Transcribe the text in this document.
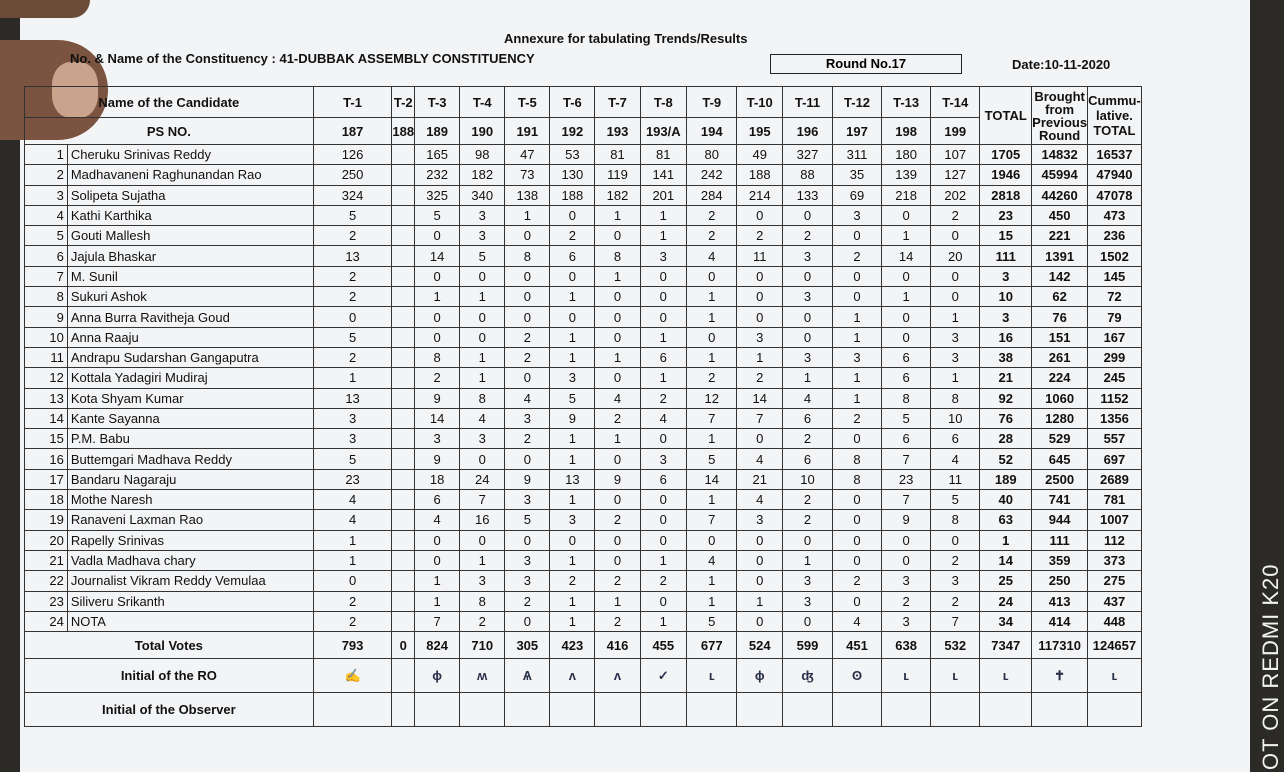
Annexure for tabulating Trends/Results
No. & Name of the Constituency : 41-DUBBAK ASSEMBLY CONSTITUENCY	Round No.17	Date:10-11-2020
Name of the Candidate		T-1	T-2	T-3	T-4	T-5	T-6	T-7	T-8	T-9	T-10	T-11	T-12	T-13	T-14	TOTAL	Brought from Previous Round	Cummu-lative. TOTAL
PS NO.		187	188	189	190	191	192	193	193/A	194	195	196	197	198	199			
1	Cheruku Srinivas Reddy	126		165	98	47	53	81	81	80	49	327	311	180	107	1705	14832	16537
2	Madhavaneni Raghunandan Rao	250		232	182	73	130	119	141	242	188	88	35	139	127	1946	45994	47940
3	Solipeta Sujatha	324		325	340	138	188	182	201	284	214	133	69	218	202	2818	44260	47078
4	Kathi Karthika	5		5	3	1	0	1	1	2	0	0	3	0	2	23	450	473
5	Gouti Mallesh	2		0	3	0	2	0	1	2	2	2	0	1	0	15	221	236
6	Jajula Bhaskar	13		14	5	8	6	8	3	4	11	3	2	14	20	111	1391	1502
7	M. Sunil	2		0	0	0	0	1	0	0	0	0	0	0	0	3	142	145
8	Sukuri Ashok	2		1	1	0	1	0	0	1	0	3	0	1	0	10	62	72
9	Anna Burra Ravitheja Goud	0		0	0	0	0	0	0	1	0	0	1	0	1	3	76	79
10	Anna Raaju	5		0	0	2	1	0	1	0	3	0	1	0	3	16	151	167
11	Andrapu Sudarshan Gangaputra	2		8	1	2	1	1	6	1	1	3	3	6	3	38	261	299
12	Kottala Yadagiri Mudiraj	1		2	1	0	3	0	1	2	2	1	1	6	1	21	224	245
13	Kota Shyam Kumar	13		9	8	4	5	4	2	12	14	4	1	8	8	92	1060	1152
14	Kante Sayanna	3		14	4	3	9	2	4	7	7	6	2	5	10	76	1280	1356
15	P.M. Babu	3		3	3	2	1	1	0	1	0	2	0	6	6	28	529	557
16	Buttemgari Madhava Reddy	5		9	0	0	1	0	3	5	4	6	8	7	4	52	645	697
17	Bandaru Nagaraju	23		18	24	9	13	9	6	14	21	10	8	23	11	189	2500	2689
18	Mothe Naresh	4		6	7	3	1	0	0	1	4	2	0	7	5	40	741	781
19	Ranaveni Laxman Rao	4		4	16	5	3	2	0	7	3	2	0	9	8	63	944	1007
20	Rapelly Srinivas	1		0	0	0	0	0	0	0	0	0	0	0	0	1	111	112
21	Vadla Madhava chary	1		0	1	3	1	0	1	4	0	1	0	0	2	14	359	373
22	Journalist Vikram Reddy Vemulaa	0		1	3	3	2	2	2	1	0	3	2	3	3	25	250	275
23	Siliveru Srikanth	2		1	8	2	1	1	0	1	1	3	0	2	2	24	413	437
24	NOTA	2		7	2	0	1	2	1	5	0	0	4	3	7	34	414	448
Total Votes		793	0	824	710	305	423	416	455	677	524	599	451	638	532	7347	117310	124657
Initial of the RO		✍		ɸ	ʍ	Ѧ	ᴧ	ᴧ	✓	ʟ	ɸ	ʤ	ʘ	ʟ	ʟ	ʟ	✝	ʟ
Initial of the Observer																			OT ON REDMI K20
